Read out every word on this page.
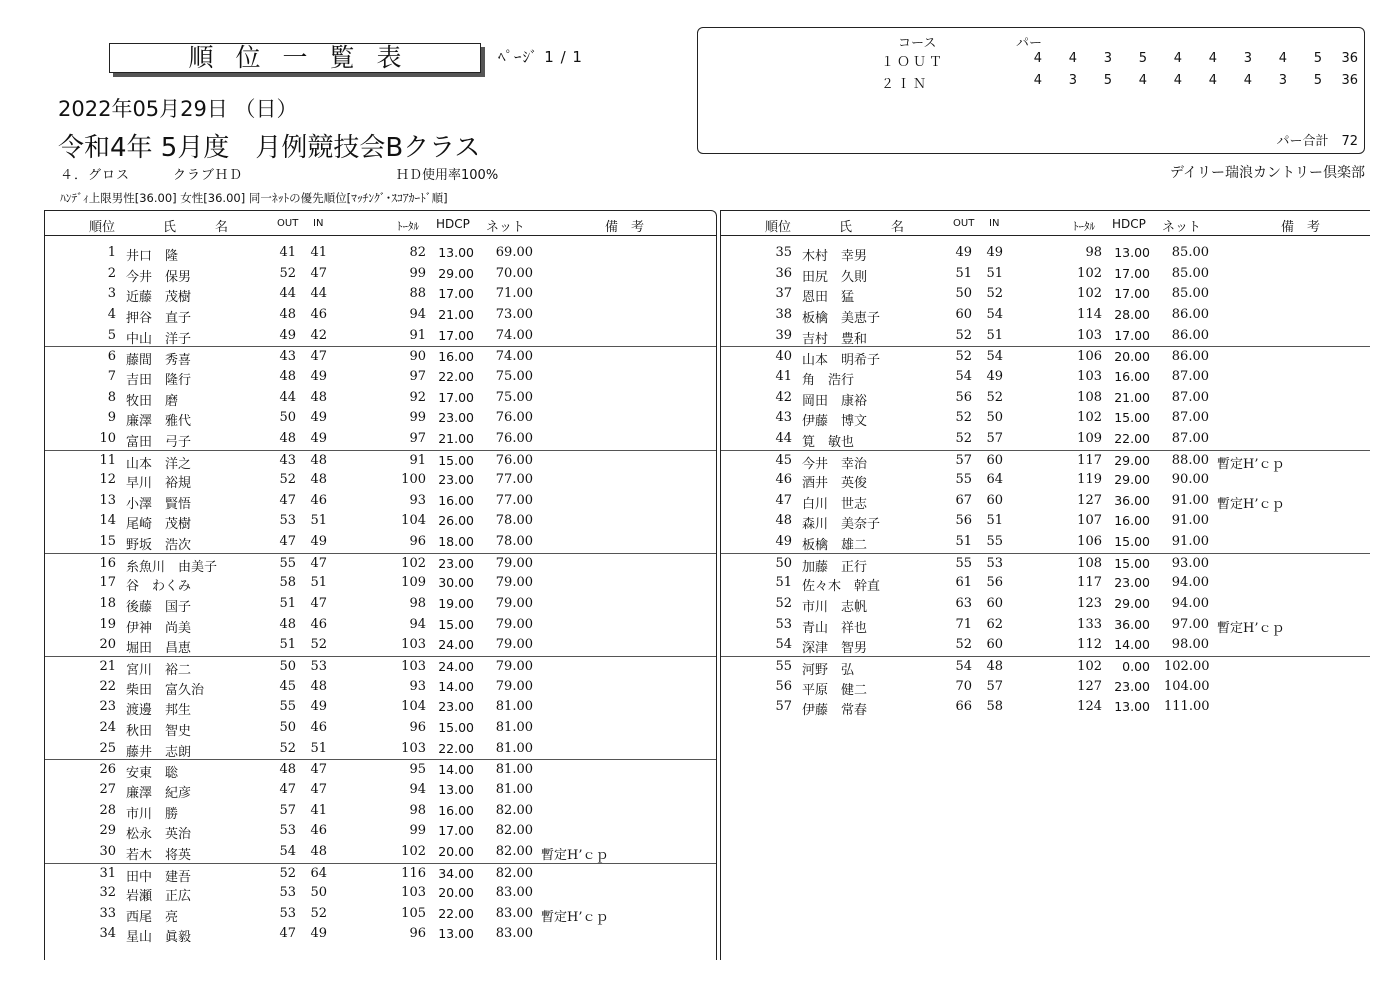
順位一覧表	ﾍﾟｰｼﾞ 1 / 1
2022年05月29日 （日）
令和4年 5月度　月例競技会Bクラス
４．グロス	クラブＨＤ	ＨＤ使用率100%	デイリー瑞浪カントリー倶楽部
ﾊﾝﾃﾞｨ上限男性[36.00] 女性[36.00] 同一ﾈｯﾄの優先順位[ﾏｯﾁﾝｸﾞ･ｽｺｱｶｰﾄﾞ順]
コース	パー
１ＯＵＴ	4	4	3	5	4	4	3	4	5 36
２ＩＮ	4	3	5	4	4	4	4	3	5 36
パー合計　72
順位	氏　　　名	OUT IN	ﾄｰﾀﾙ HDCP ネット	備　考
1 井口　隆	41	41	82 13.00	69.00
2 今井　保男	52	47	99 29.00	70.00
3 近藤　茂樹	44	44	88 17.00	71.00
4 押谷　直子	48	46	94 21.00	73.00
5 中山　洋子	49	42	91 17.00	74.00
6 藤間　秀喜	43	47	90 16.00	74.00
7 吉田　隆行	48	49	97 22.00	75.00
8 牧田　磨	44	48	92 17.00	75.00
9 廉澤　雅代	50	49	99 23.00	76.00
10 富田　弓子	48	49	97 21.00	76.00
11 山本　洋之	43	48	91 15.00	76.00
12 早川　裕規	52	48	100 23.00	77.00
13 小澤　賢悟	47	46	93 16.00	77.00
14 尾崎　茂樹	53	51	104 26.00	78.00
15 野坂　浩次	47	49	96 18.00	78.00
16 糸魚川　由美子	55	47	102 23.00	79.00
17 谷　わくみ	58	51	109 30.00	79.00
18 後藤　国子	51	47	98 19.00	79.00
19 伊神　尚美	48	46	94 15.00	79.00
20 堀田　昌恵	51	52	103 24.00	79.00
21 宮川　裕二	50	53	103 24.00	79.00
22 柴田　富久治	45	48	93 14.00	79.00
23 渡邊　邦生	55	49	104 23.00	81.00
24 秋田　智史	50	46	96 15.00	81.00
25 藤井　志朗	52	51	103 22.00	81.00
26 安東　聡	48	47	95 14.00	81.00
27 廉澤　紀彦	47	47	94 13.00	81.00
28 市川　勝	57	41	98 16.00	82.00
29 松永　英治	53	46	99 17.00	82.00
30 若木　将英	54	48	102 20.00	82.00 暫定H’ｃｐ
31 田中　建吾	52	64	116 34.00	82.00
32 岩瀬　正広	53	50	103 20.00	83.00
33 西尾　亮	53	52	105 22.00	83.00 暫定H’ｃｐ
34 星山　眞毅	47	49	96 13.00	83.00
順位	氏　　　名	OUT IN	ﾄｰﾀﾙ HDCP ネット	備　考
35 木村　幸男	49	49	98 13.00	85.00
36 田尻　久則	51	51	102 17.00	85.00
37 恩田　猛	50	52	102 17.00	85.00
38 板檎　美恵子	60	54	114 28.00	86.00
39 吉村　豊和	52	51	103 17.00	86.00
40 山本　明希子	52	54	106 20.00	86.00
41 角　浩行	54	49	103 16.00	87.00
42 岡田　康裕	56	52	108 21.00	87.00
43 伊藤　博文	52	50	102 15.00	87.00
44 筧　敏也	52	57	109 22.00	87.00
45 今井　幸治	57	60	117 29.00	88.00 暫定H’ｃｐ
46 酒井　英俊	55	64	119 29.00	90.00
47 白川　世志	67	60	127 36.00	91.00 暫定H’ｃｐ
48 森川　美奈子	56	51	107 16.00	91.00
49 板檎　雄二	51	55	106 15.00	91.00
50 加藤　正行	55	53	108 15.00	93.00
51 佐々木　幹直	61	56	117 23.00	94.00
52 市川　志帆	63	60	123 29.00	94.00
53 青山　祥也	71	62	133 36.00	97.00 暫定H’ｃｐ
54 深津　智男	52	60	112 14.00	98.00
55 河野　弘	54	48	102	0.00 102.00
56 平原　健二	70	57	127 23.00 104.00
57 伊藤　常春	66	58	124 13.00 111.00
